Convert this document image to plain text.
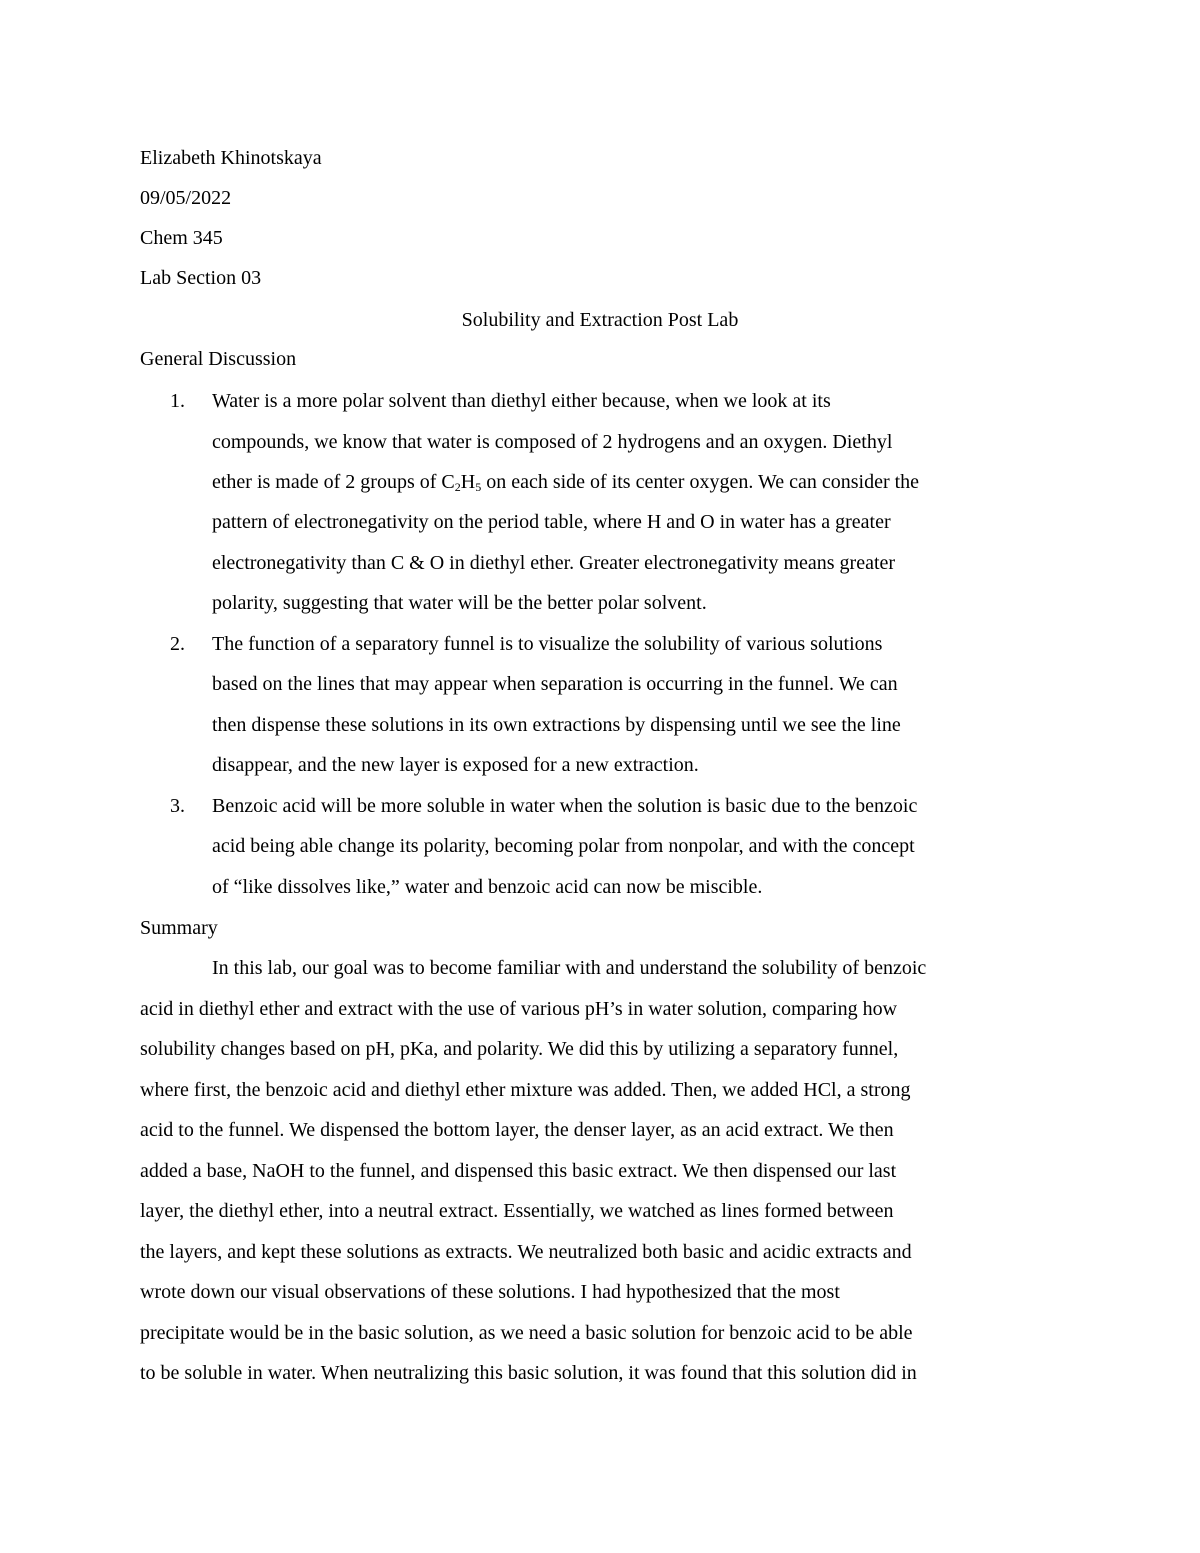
Elizabeth Khinotskaya
09/05/2022
Chem 345
Lab Section 03
Solubility and Extraction Post Lab
General Discussion
1. Water is a more polar solvent than diethyl either because, when we look at its
compounds, we know that water is composed of 2 hydrogens and an oxygen. Diethyl
ether is made of 2 groups of $C_2H_5$ on each side of its center oxygen. We can consider the
pattern of electronegativity on the period table, where H and O in water has a greater
electronegativity than C & O in diethyl ether. Greater electronegativity means greater
polarity, suggesting that water will be the better polar solvent.
2. The function of a separatory funnel is to visualize the solubility of various solutions
based on the lines that may appear when separation is occurring in the funnel. We can
then dispense these solutions in its own extractions by dispensing until we see the line
disappear, and the new layer is exposed for a new extraction.
3. Benzoic acid will be more soluble in water when the solution is basic due to the benzoic
acid being able change its polarity, becoming polar from nonpolar, and with the concept
of “like dissolves like,” water and benzoic acid can now be miscible.
Summary
In this lab, our goal was to become familiar with and understand the solubility of benzoic
acid in diethyl ether and extract with the use of various pH’s in water solution, comparing how
solubility changes based on pH, pKa, and polarity. We did this by utilizing a separatory funnel,
where first, the benzoic acid and diethyl ether mixture was added. Then, we added HCl, a strong
acid to the funnel. We dispensed the bottom layer, the denser layer, as an acid extract. We then
added a base, NaOH to the funnel, and dispensed this basic extract. We then dispensed our last
layer, the diethyl ether, into a neutral extract. Essentially, we watched as lines formed between
the layers, and kept these solutions as extracts. We neutralized both basic and acidic extracts and
wrote down our visual observations of these solutions. I had hypothesized that the most
precipitate would be in the basic solution, as we need a basic solution for benzoic acid to be able
to be soluble in water. When neutralizing this basic solution, it was found that this solution did in
